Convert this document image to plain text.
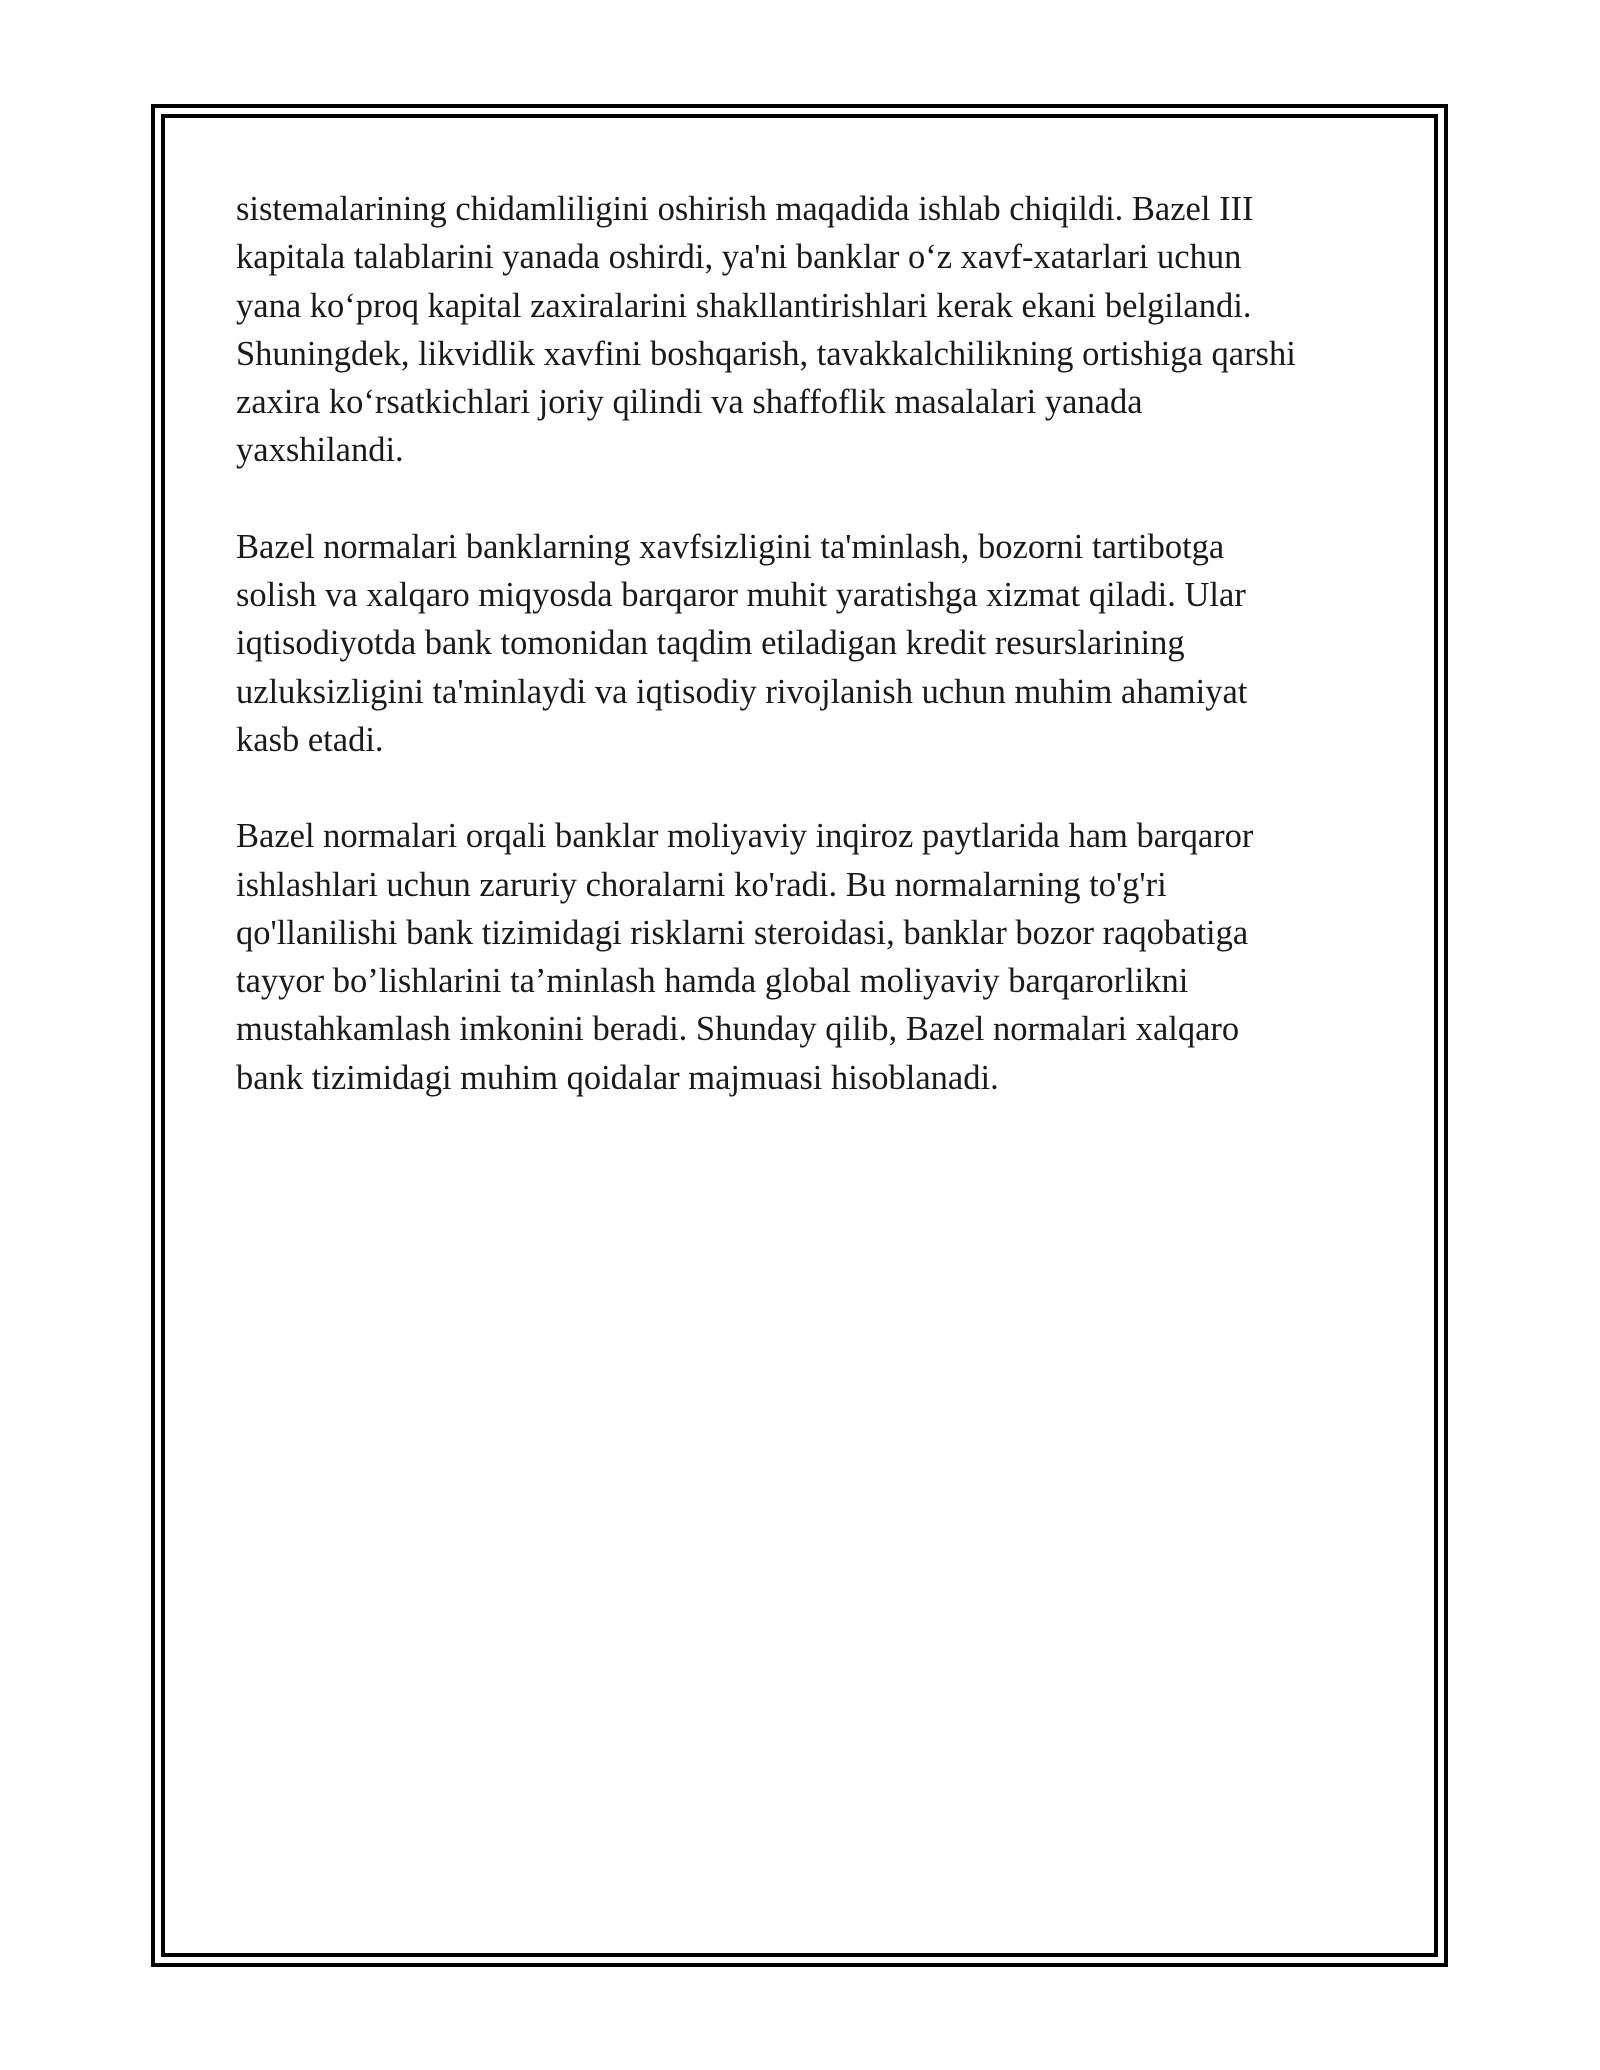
sistemalarining chidamliligini oshirish maqadida ishlab chiqildi. Bazel III
kapitala talablarini yanada oshirdi, ya'ni banklar o‘z xavf-xatarlari uchun
yana ko‘proq kapital zaxiralarini shakllantirishlari kerak ekani belgilandi.
Shuningdek, likvidlik xavfini boshqarish, tavakkalchilikning ortishiga qarshi
zaxira ko‘rsatkichlari joriy qilindi va shaffoflik masalalari yanada
yaxshilandi.

Bazel normalari banklarning xavfsizligini ta'minlash, bozorni tartibotga
solish va xalqaro miqyosda barqaror muhit yaratishga xizmat qiladi. Ular
iqtisodiyotda bank tomonidan taqdim etiladigan kredit resurslarining
uzluksizligini ta'minlaydi va iqtisodiy rivojlanish uchun muhim ahamiyat
kasb etadi.

Bazel normalari orqali banklar moliyaviy inqiroz paytlarida ham barqaror
ishlashlari uchun zaruriy choralarni ko'radi. Bu normalarning to'g'ri
qo'llanilishi bank tizimidagi risklarni steroidasi, banklar bozor raqobatiga
tayyor bo’lishlarini ta’minlash hamda global moliyaviy barqarorlikni
mustahkamlash imkonini beradi. Shunday qilib, Bazel normalari xalqaro
bank tizimidagi muhim qoidalar majmuasi hisoblanadi.
